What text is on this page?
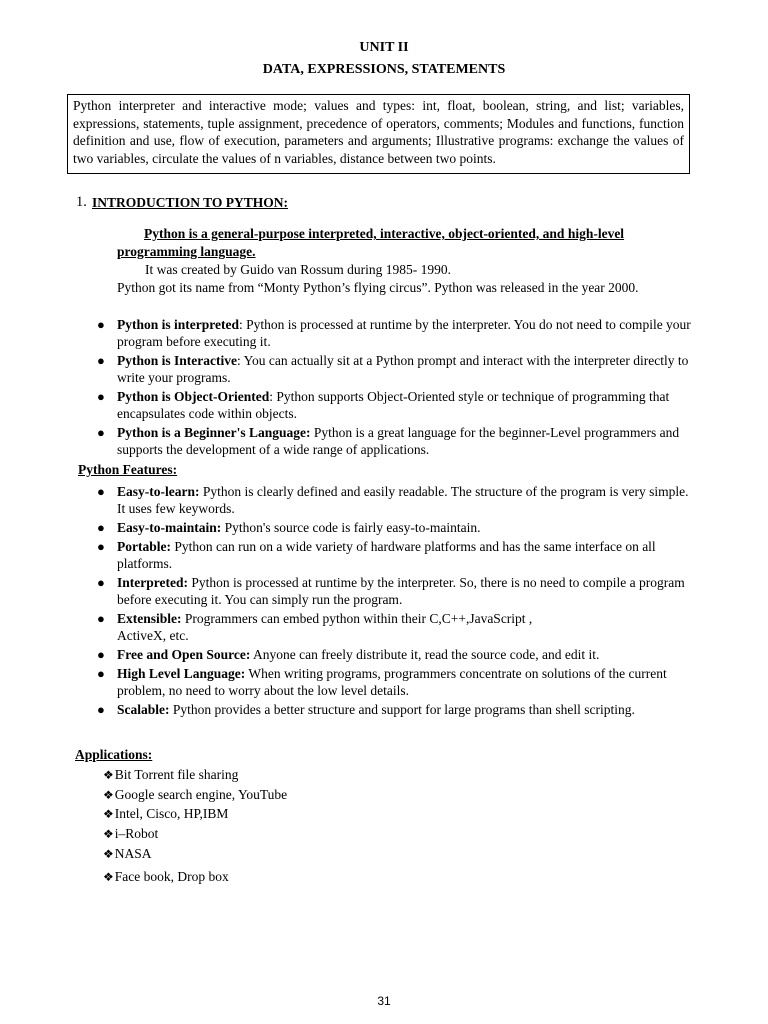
UNIT II
DATA, EXPRESSIONS, STATEMENTS
Python interpreter and interactive mode; values and types: int, float, boolean, string, and list; variables, expressions, statements, tuple assignment, precedence of operators, comments; Modules and functions, function definition and use, flow of execution, parameters and arguments; Illustrative programs: exchange the values of two variables, circulate the values of n variables, distance between two points.
1. INTRODUCTION TO PYTHON:
Python is a general-purpose interpreted, interactive, object-oriented, and high-level programming language.
It was created by Guido van Rossum during 1985- 1990.
Python got its name from “Monty Python’s flying circus”. Python was released in the year 2000.
● Python is interpreted: Python is processed at runtime by the interpreter. You do not need to compile your program before executing it.
● Python is Interactive: You can actually sit at a Python prompt and interact with the interpreter directly to write your programs.
● Python is Object-Oriented: Python supports Object-Oriented style or technique of programming that encapsulates code within objects.
● Python is a Beginner's Language: Python is a great language for the beginner-Level programmers and supports the development of a wide range of applications.
Python Features:
● Easy-to-learn: Python is clearly defined and easily readable. The structure of the program is very simple. It uses few keywords.
● Easy-to-maintain: Python's source code is fairly easy-to-maintain.
● Portable: Python can run on a wide variety of hardware platforms and has the same interface on all platforms.
● Interpreted: Python is processed at runtime by the interpreter. So, there is no need to compile a program before executing it. You can simply run the program.
● Extensible: Programmers can embed python within their C,C++,JavaScript , ActiveX, etc.
● Free and Open Source: Anyone can freely distribute it, read the source code, and edit it.
● High Level Language: When writing programs, programmers concentrate on solutions of the current problem, no need to worry about the low level details.
● Scalable: Python provides a better structure and support for large programs than shell scripting.
Applications:
❖Bit Torrent file sharing
❖Google search engine, YouTube
❖Intel, Cisco, HP,IBM
❖i–Robot
❖NASA
❖Face book, Drop box
31
